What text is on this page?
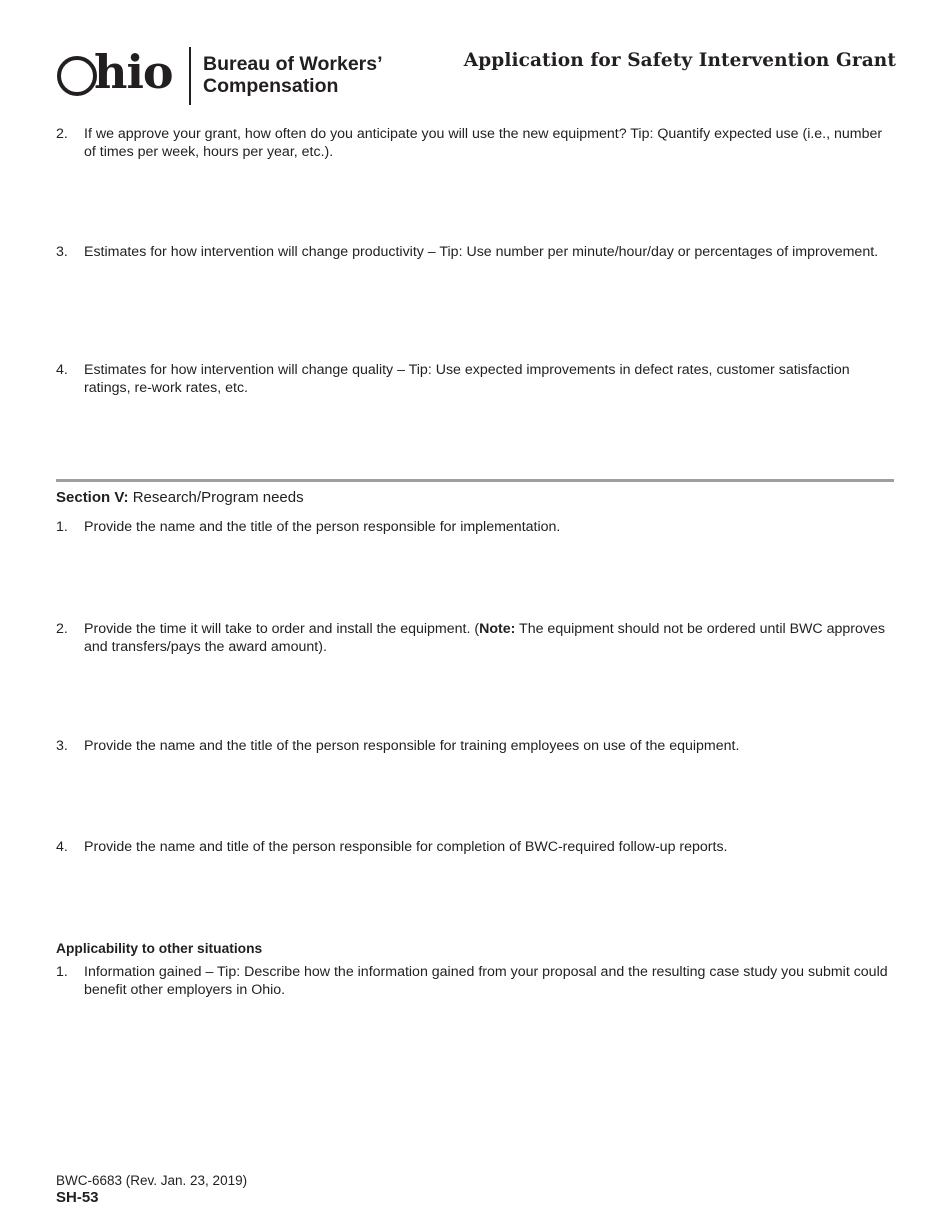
hio Bureau of Workers’
Compensation
Application for Safety Intervention Grant
2. If we approve your grant, how often do you anticipate you will use the new equipment? Tip: Quantify expected use (i.e., number of times per week, hours per year, etc.).
3. Estimates for how intervention will change productivity – Tip: Use number per minute/hour/day or percentages of improvement.
4. Estimates for how intervention will change quality – Tip: Use expected improvements in defect rates, customer satisfaction ratings, re-work rates, etc.
Section V: Research/Program needs
1. Provide the name and the title of the person responsible for implementation.
2. Provide the time it will take to order and install the equipment. (Note: The equipment should not be ordered until BWC approves and transfers/pays the award amount).
3. Provide the name and the title of the person responsible for training employees on use of the equipment.
4. Provide the name and title of the person responsible for completion of BWC-required follow-up reports.
Applicability to other situations
1. Information gained – Tip: Describe how the information gained from your proposal and the resulting case study you submit could benefit other employers in Ohio.
BWC-6683 (Rev. Jan. 23, 2019)
SH-53
